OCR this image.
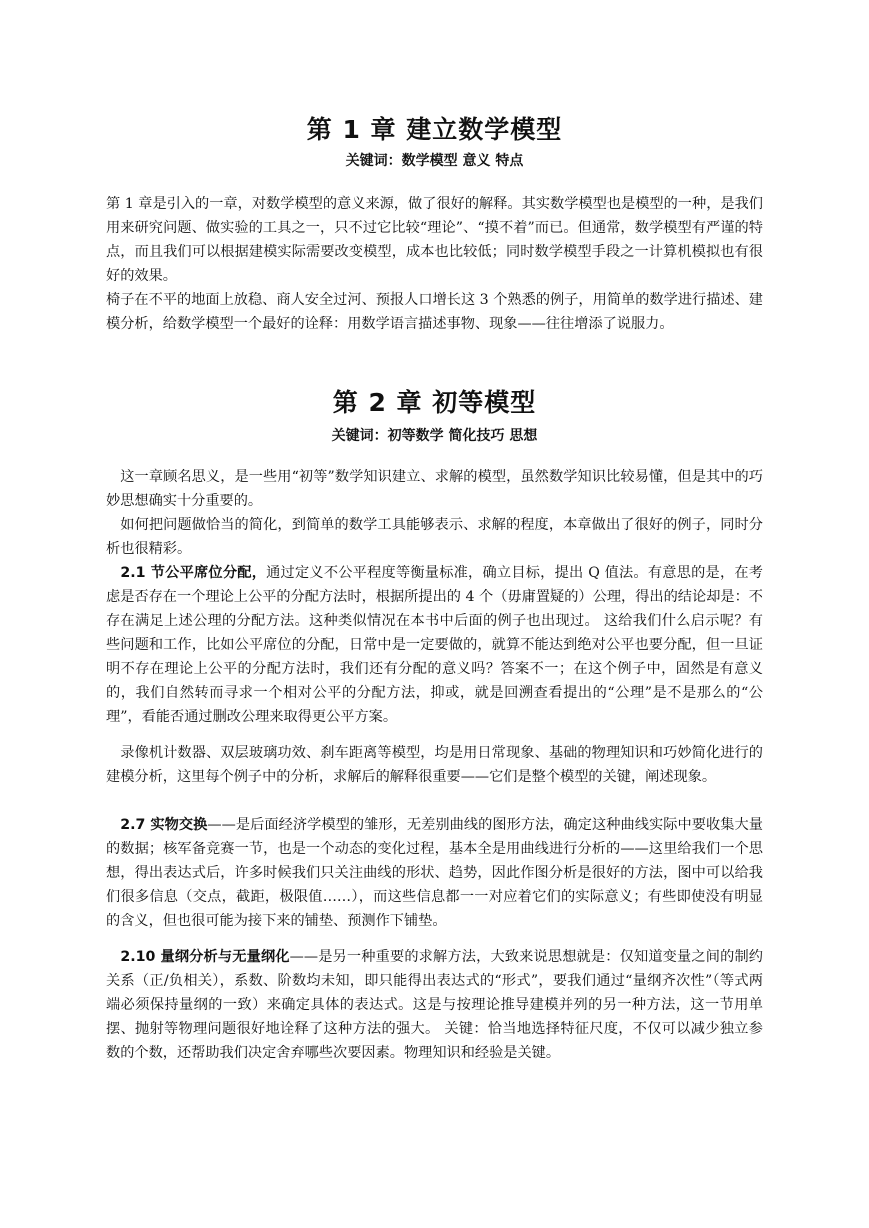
第 1 章 建立数学模型

关键词：数学模型 意义 特点

第 1 章是引入的一章，对数学模型的意义来源，做了很好的解释。其实数学模型也是模型的一种，是我们用来研究问题、做实验的工具之一，只不过它比较“理论”、“摸不着”而已。但通常，数学模型有严谨的特点，而且我们可以根据建模实际需要改变模型，成本也比较低；同时数学模型手段之一计算机模拟也有很好的效果。

椅子在不平的地面上放稳、商人安全过河、预报人口增长这 3 个熟悉的例子，用简单的数学进行描述、建模分析，给数学模型一个最好的诠释：用数学语言描述事物、现象——往往增添了说服力。

第 2 章 初等模型

关键词：初等数学 简化技巧 思想

　这一章顾名思义，是一些用“初等”数学知识建立、求解的模型，虽然数学知识比较易懂，但是其中的巧妙思想确实十分重要的。

　如何把问题做恰当的简化，到简单的数学工具能够表示、求解的程度，本章做出了很好的例子，同时分析也很精彩。

　2.1 节公平席位分配，通过定义不公平程度等衡量标准，确立目标，提出 Q 值法。有意思的是，在考虑是否存在一个理论上公平的分配方法时，根据所提出的 4 个（毋庸置疑的）公理，得出的结论却是：不存在满足上述公理的分配方法。这种类似情况在本书中后面的例子也出现过。 这给我们什么启示呢？有些问题和工作，比如公平席位的分配，日常中是一定要做的，就算不能达到绝对公平也要分配，但一旦证明不存在理论上公平的分配方法时，我们还有分配的意义吗？答案不一；在这个例子中，固然是有意义的，我们自然转而寻求一个相对公平的分配方法，抑或，就是回溯查看提出的“公理”是不是那么的“公理”，看能否通过删改公理来取得更公平方案。

　录像机计数器、双层玻璃功效、刹车距离等模型，均是用日常现象、基础的物理知识和巧妙简化进行的建模分析，这里每个例子中的分析，求解后的解释很重要——它们是整个模型的关键，阐述现象。

　2.7 实物交换——是后面经济学模型的雏形，无差别曲线的图形方法，确定这种曲线实际中要收集大量的数据；核军备竞赛一节，也是一个动态的变化过程，基本全是用曲线进行分析的——这里给我们一个思想，得出表达式后，许多时候我们只关注曲线的形状、趋势，因此作图分析是很好的方法，图中可以给我们很多信息（交点，截距，极限值……），而这些信息都一一对应着它们的实际意义；有些即使没有明显的含义，但也很可能为接下来的铺垫、预测作下铺垫。

　2.10 量纲分析与无量纲化——是另一种重要的求解方法，大致来说思想就是：仅知道变量之间的制约关系（正/负相关），系数、阶数均未知，即只能得出表达式的“形式”，要我们通过“量纲齐次性”（等式两端必须保持量纲的一致）来确定具体的表达式。这是与按理论推导建模并列的另一种方法，这一节用单摆、抛射等物理问题很好地诠释了这种方法的强大。 关键：恰当地选择特征尺度，不仅可以减少独立参数的个数，还帮助我们决定舍弃哪些次要因素。物理知识和经验是关键。
